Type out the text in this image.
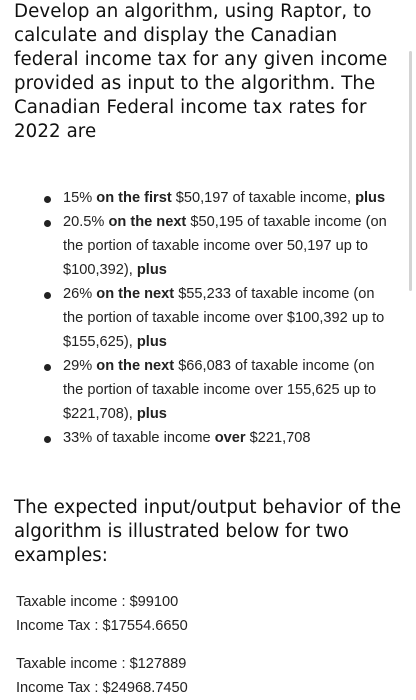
Develop an algorithm, using Raptor, to calculate and display the Canadian federal income tax for any given income provided as input to the algorithm. The Canadian Federal income tax rates for 2022 are

15% on the first $50,197 of taxable income, plus
20.5% on the next $50,195 of taxable income (on the portion of taxable income over 50,197 up to $100,392), plus
26% on the next $55,233 of taxable income (on the portion of taxable income over $100,392 up to $155,625), plus
29% on the next $66,083 of taxable income (on the portion of taxable income over 155,625 up to $221,708), plus
33% of taxable income over $221,708

The expected input/output behavior of the algorithm is illustrated below for two examples:

Taxable income : $99100
Income Tax : $17554.6650
Taxable income : $127889
Income Tax : $24968.7450
